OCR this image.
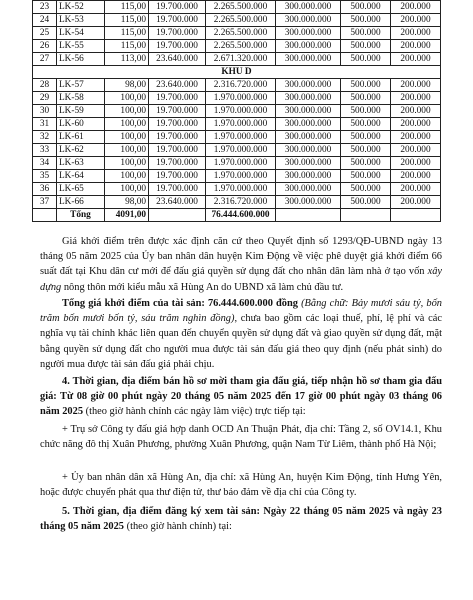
23	LK-52	115,00	19.700.000	2.265.500.000	300.000.000	500.000	200.000
24	LK-53	115,00	19.700.000	2.265.500.000	300.000.000	500.000	200.000
25	LK-54	115,00	19.700.000	2.265.500.000	300.000.000	500.000	200.000
26	LK-55	115,00	19.700.000	2.265.500.000	300.000.000	500.000	200.000
27	LK-56	113,00	23.640.000	2.671.320.000	300.000.000	500.000	200.000
KHU D							
28	LK-57	98,00	23.640.000	2.316.720.000	300.000.000	500.000	200.000
29	LK-58	100,00	19.700.000	1.970.000.000	300.000.000	500.000	200.000
30	LK-59	100,00	19.700.000	1.970.000.000	300.000.000	500.000	200.000
31	LK-60	100,00	19.700.000	1.970.000.000	300.000.000	500.000	200.000
32	LK-61	100,00	19.700.000	1.970.000.000	300.000.000	500.000	200.000
33	LK-62	100,00	19.700.000	1.970.000.000	300.000.000	500.000	200.000
34	LK-63	100,00	19.700.000	1.970.000.000	300.000.000	500.000	200.000
35	LK-64	100,00	19.700.000	1.970.000.000	300.000.000	500.000	200.000
36	LK-65	100,00	19.700.000	1.970.000.000	300.000.000	500.000	200.000
37	LK-66	98,00	23.640.000	2.316.720.000	300.000.000	500.000	200.000
	Tổng	4091,00		76.444.600.000			
Giá khởi điểm trên được xác định căn cứ theo Quyết định số 1293/QĐ-UBND ngày 13 tháng 05 năm 2025 của Ủy ban nhân dân huyện Kim Động về việc phê duyệt giá khởi điểm 66 suất đất tại Khu dân cư mới để đấu giá quyền sử dụng đất cho nhân dân làm nhà ở tạo vốn xây dựng nông thôn mới kiểu mẫu xã Hùng An do UBND xã làm chủ đầu tư.
Tổng giá khởi điểm của tài sản: 76.444.600.000 đồng (Bằng chữ: Bảy mươi sáu tỷ, bốn trăm bốn mươi bốn tỷ, sáu trăm nghìn đồng), chưa bao gồm các loại thuế, phí, lệ phí và các nghĩa vụ tài chính khác liên quan đến chuyển quyền sử dụng đất và giao quyền sử dụng đất, mặt bằng quyền sử dụng đất cho người mua được tài sản đấu giá theo quy định (nếu phát sinh) do người mua được tài sản đấu giá phải chịu.
4. Thời gian, địa điểm bán hồ sơ mời tham gia đấu giá, tiếp nhận hồ sơ tham gia đấu giá: Từ 08 giờ 00 phút ngày 20 tháng 05 năm 2025 đến 17 giờ 00 phút ngày 03 tháng 06 năm 2025 (theo giờ hành chính các ngày làm việc) trực tiếp tại:
+ Trụ sở Công ty đấu giá hợp danh OCD An Thuận Phát, địa chỉ: Tầng 2, số OV14.1, Khu chức năng đô thị Xuân Phương, phường Xuân Phương, quận Nam Từ Liêm, thành phố Hà Nội;
+ Ủy ban nhân dân xã Hùng An, địa chỉ: xã Hùng An, huyện Kim Động, tỉnh Hưng Yên, hoặc được chuyển phát qua thư điện tử, thư bảo đảm về địa chỉ của Công ty.
5. Thời gian, địa điểm đăng ký xem tài sản: Ngày 22 tháng 05 năm 2025 và ngày 23 tháng 05 năm 2025 (theo giờ hành chính) tại:
